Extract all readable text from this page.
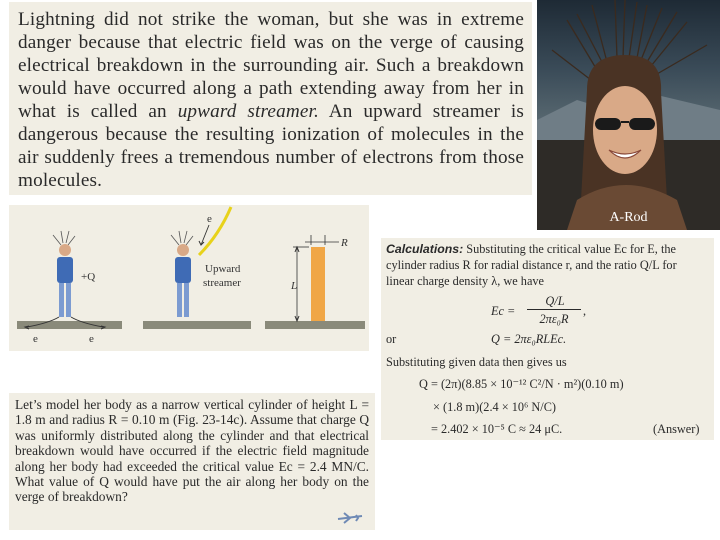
Lightning did not strike the woman, but she was in extreme danger because that electric field was on the verge of causing electrical breakdown in the surrounding air. Such a breakdown would have occurred along a path extending away from her in what is called an upward streamer. An upward streamer is dangerous because the resulting ionization of molecules in the air suddenly frees a tremendous number of electrons from those molecules.

A-Rod
+Q
e	e
e
Upward
streamer	L
R

Let’s model her body as a narrow vertical cylinder of height L = 1.8 m and radius R = 0.10 m (Fig. 23-14c). Assume that charge Q was uniformly distributed along the cylinder and that electrical breakdown would have occurred if the electric field magnitude along her body had exceeded the critical value Ec = 2.4 MN/C. What value of Q would have put the air along her body on the verge of breakdown?

Calculations: Substituting the critical value Ec for E, the
cylinder radius R for radial distance r, and the ratio Q/L for
linear charge density λ, we have
Ec =
Q/L
2πε₀R
,
or	Q = 2πε₀RLEc.
Substituting given data then gives us
Q = (2π)(8.85 × 10⁻¹² C²/N · m²)(0.10 m)
× (1.8 m)(2.4 × 10⁶ N/C)
= 2.402 × 10⁻⁵ C ≈ 24 μC.	(Answer)
